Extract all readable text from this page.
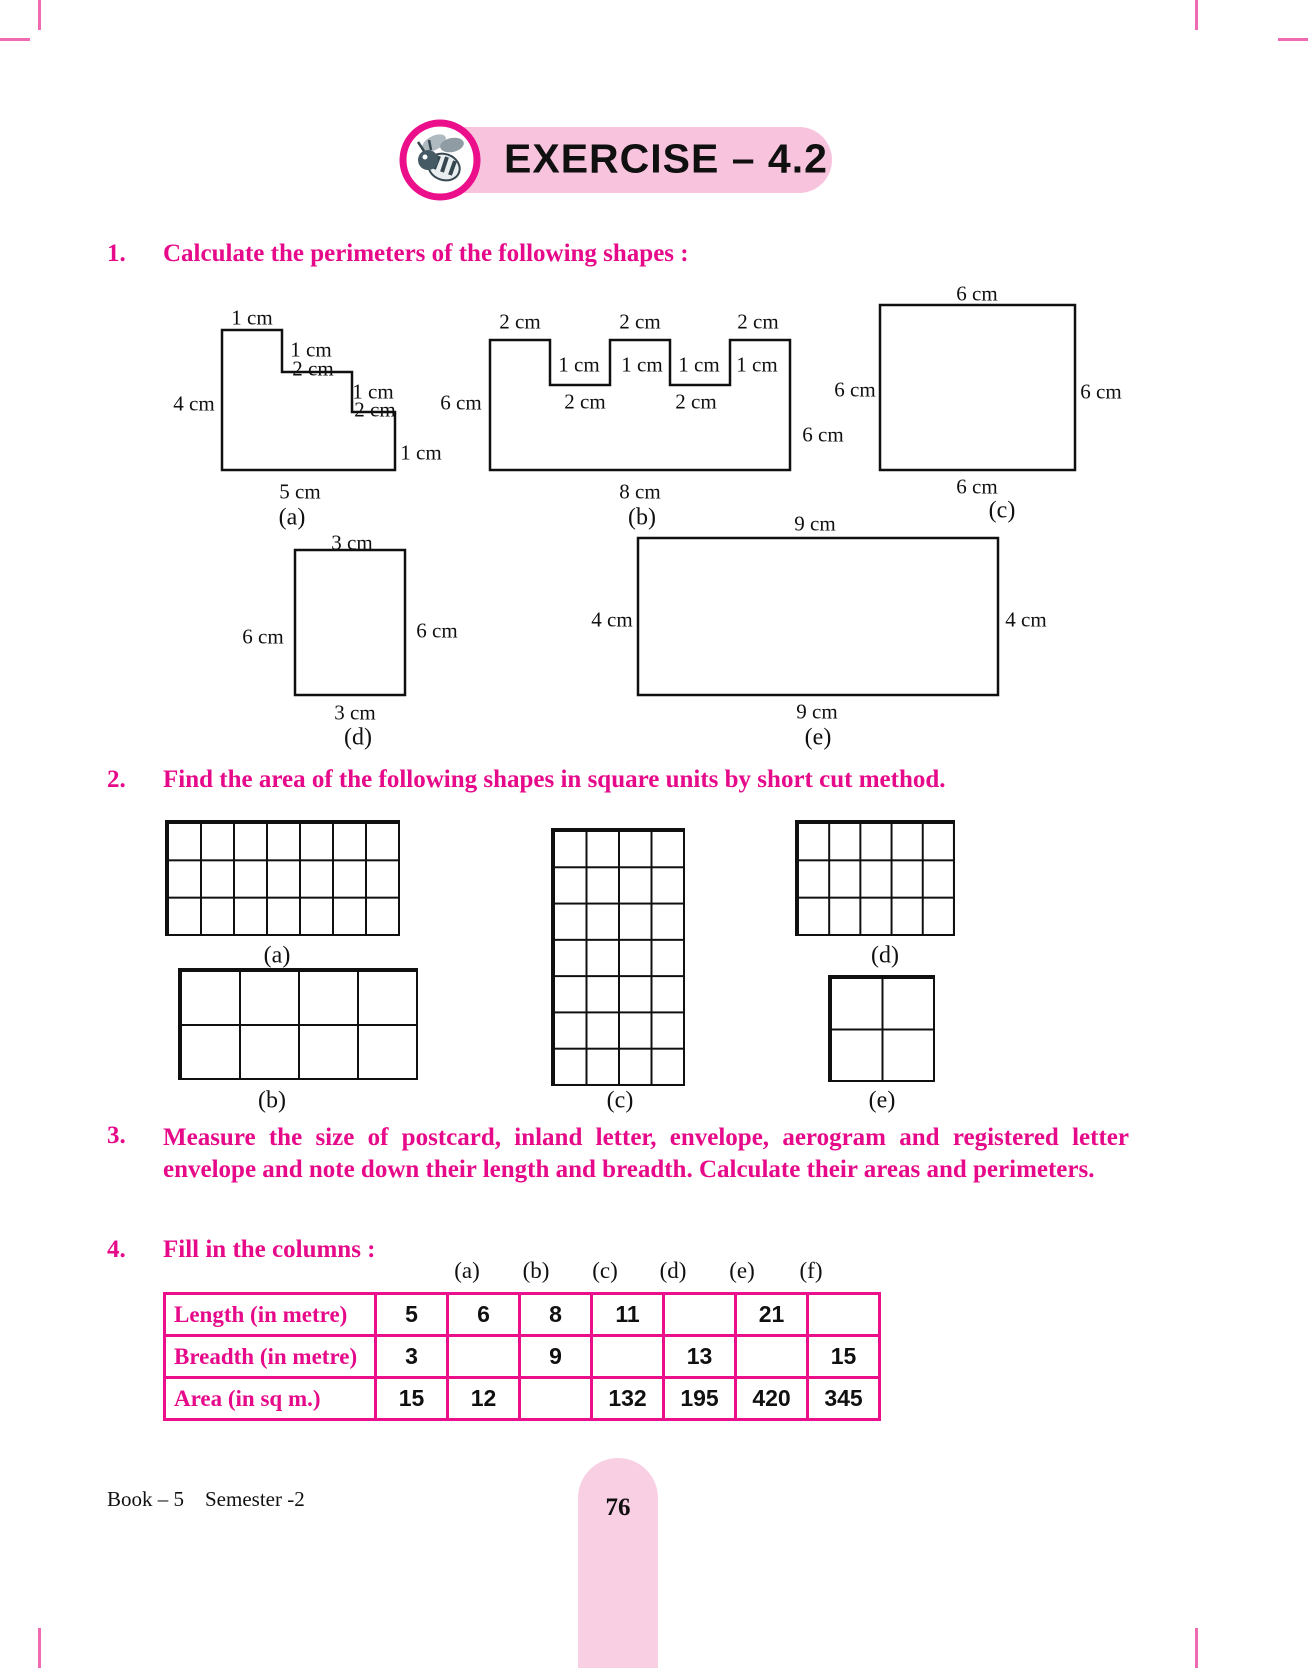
EXERCISE – 4.2
1. Calculate the perimeters of the following shapes :
1 cm
1 cm
2 cm
1 cm
2 cm
1 cm
4 cm
5 cm
(a)
2 cm	2 cm	2 cm
1 cm 1 cm 1 cm 1 cm
2 cm	2 cm
6 cm
6 cm
8 cm
(b)
6 cm
6 cm	6 cm
6 cm
(c)
3 cm
6 cm	6 cm
3 cm
(d)
9 cm
4 cm	4 cm
9 cm
(e)
2. Find the area of the following shapes in square units by short cut method.
(a)
(b)	(c)
(d)
(e)
3. Measure the size of postcard, inland letter, envelope, aerogram and registered letter envelope and note down their length and breadth. Calculate their areas and perimeters.
4. Fill in the columns :
(a) (b) (c) (d) (e) (f)
Length (in metre)	5	6	8	11		21	
Breadth (in metre)	3		9		13		15
Area (in sq m.)	15	12		132	195	420	345
Book – 5    Semester -2	76
